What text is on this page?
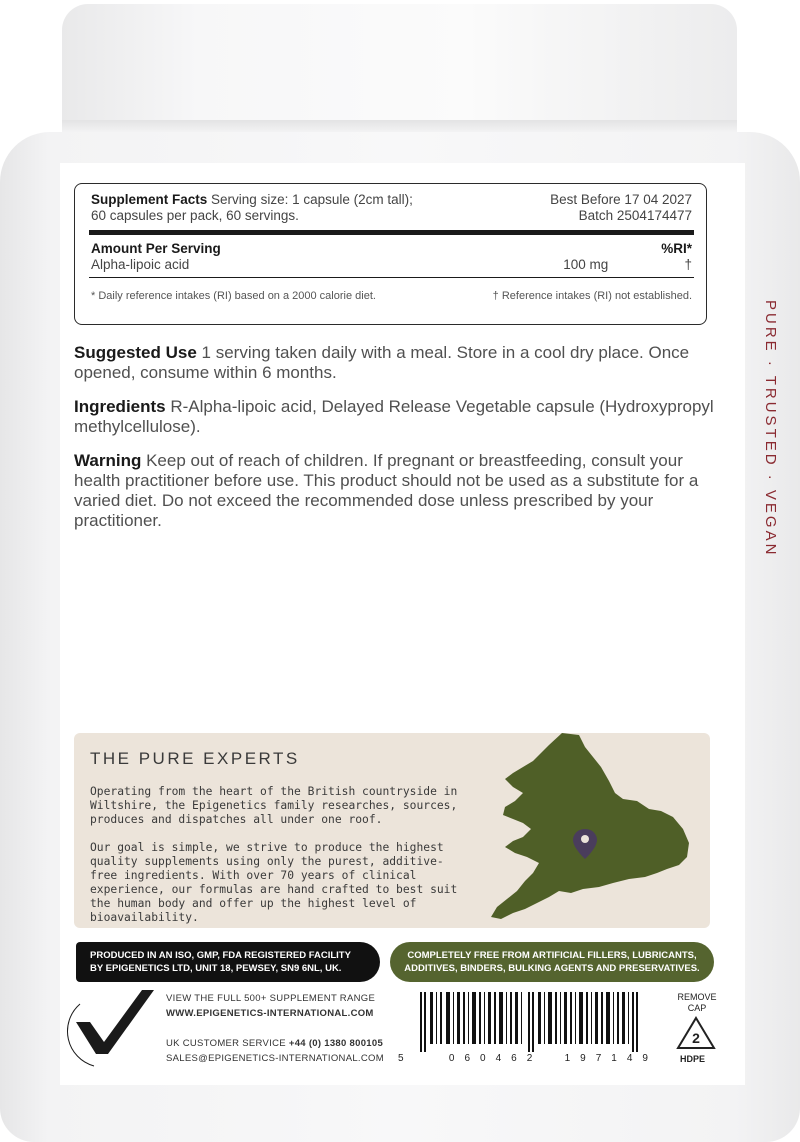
PURE · TRUSTED · VEGAN
Supplement Facts Serving size: 1 capsule (2cm tall);
60 capsules per pack, 60 servings.
Best Before 17 04 2027
Batch 2504174477
Amount Per Serving	%RI*
Alpha-lipoic acid	100 mg	†
* Daily reference intakes (RI) based on a 2000 calorie diet.	† Reference intakes (RI) not established.
Suggested Use 1 serving taken daily with a meal. Store in a cool dry place. Once opened, consume within 6 months.
Ingredients R-Alpha-lipoic acid, Delayed Release Vegetable capsule (Hydroxypropyl methylcellulose).
Warning Keep out of reach of children. If pregnant or breastfeeding, consult your health practitioner before use. This product should not be used as a substitute for a varied diet. Do not exceed the recommended dose unless prescribed by your practitioner.
THE PURE EXPERTS

Operating from the heart of the British countryside in Wiltshire, the Epigenetics family researches, sources, produces and dispatches all under one roof.

Our goal is simple, we strive to produce the highest quality supplements using only the purest, additive-free ingredients. With over 70 years of clinical experience, our formulas are hand crafted to best suit the human body and offer up the highest level of bioavailability.

PRODUCED IN AN ISO, GMP, FDA REGISTERED FACILITY
BY EPIGENETICS LTD, UNIT 18, PEWSEY, SN9 6NL, UK.
COMPLETELY FREE FROM ARTIFICIAL FILLERS, LUBRICANTS,
ADDITIVES, BINDERS, BULKING AGENTS AND PRESERVATIVES.
VIEW THE FULL 500+ SUPPLEMENT RANGE
WWW.EPIGENETICS-INTERNATIONAL.COM
UK CUSTOMER SERVICE +44 (0) 1380 800105
SALES@EPIGENETICS-INTERNATIONAL.COM 5	060462 197149
REMOVE CAP
2
HDPE
